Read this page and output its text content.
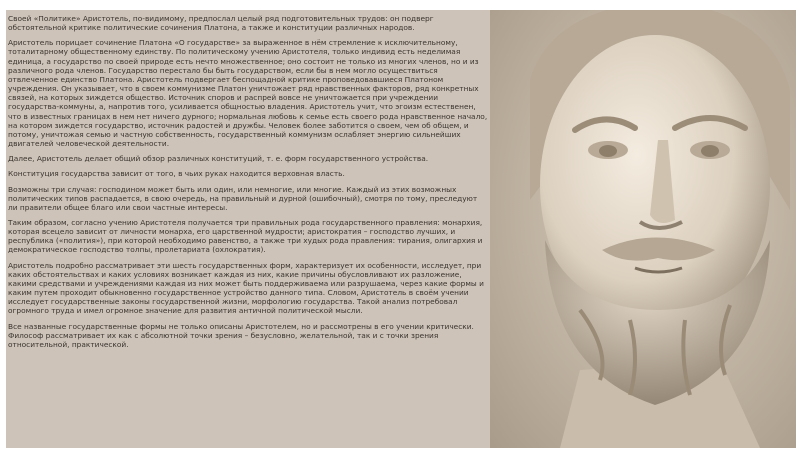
Своей «Политике» Аристотель, по-видимому, предпослал целый ряд подготовительных трудов: он подверг обстоятельной критике политические сочинения Платона, а также и конституции различных народов.

Аристотель порицает сочинение Платона «О государстве» за выраженное в нём стремление к исключительному, тоталитарному общественному единству. По политическому учению Аристотеля, только индивид есть неделимая единица, а государство по своей природе есть нечто множественное; оно состоит не только из многих членов, но и из различного рода членов. Государство перестало бы быть государством, если бы в нем могло осуществиться отвлеченное единство Платона. Аристотель подвергает беспощадной критике проповедовавшиеся Платоном учреждения. Он указывает, что в своем коммунизме Платон уничтожает ряд нравственных факторов, ряд конкретных связей, на которых зиждется общество. Источник споров и распрей вовсе не уничтожается при учреждении государства-коммуны, а, напротив того, усиливается общностью владения. Аристотель учит, что эгоизм естественен, что в известных границах в нем нет ничего дурного; нормальная любовь к семье есть своего рода нравственное начало, на котором зиждется государство, источник радостей и дружбы. Человек более заботится о своем, чем об общем, и потому, уничтожая семью и частную собственность, государственный коммунизм ослабляет энергию сильнейших двигателей человеческой деятельности.

Далее, Аристотель делает общий обзор различных конституций, т. е. форм государственного устройства.

Конституция государства зависит от того, в чьих руках находится верховная власть.

Возможны три случая: господином может быть или один, или немногие, или многие. Каждый из этих возможных политических типов распадается, в свою очередь, на правильный и дурной (ошибочный), смотря по тому, преследуют ли правители общее благо или свои частные интересы.

Таким образом, согласно учению Аристотеля получается три правильных рода государственного правления: монархия, которая всецело зависит от личности монарха, его царственной мудрости; аристократия – господство лучших, и республика («полития»), при которой необходимо равенство, а также три худых рода правления: тирания, олигархия и демократическое господство толпы, пролетариата (охлократия).

Аристотель подробно рассматривает эти шесть государственных форм, характеризует их особенности, исследует, при каких обстоятельствах и каких условиях возникает каждая из них, какие причины обусловливают их разложение, какими средствами и учреждениями каждая из них может быть поддерживаема или разрушаема, через какие формы и каким путем проходит обыкновенно государственное устройство данного типа. Словом, Аристотель в своём учении исследует государственные законы государственной жизни, морфологию государства. Такой анализ потребовал огромного труда и имел огромное значение для развития античной политической мысли.

Все названные государственные формы не только описаны Аристотелем, но и рассмотрены в его учении критически. Философ рассматривает их как с абсолютной точки зрения – безусловно, желательной, так и с точки зрения относительной, практической.
